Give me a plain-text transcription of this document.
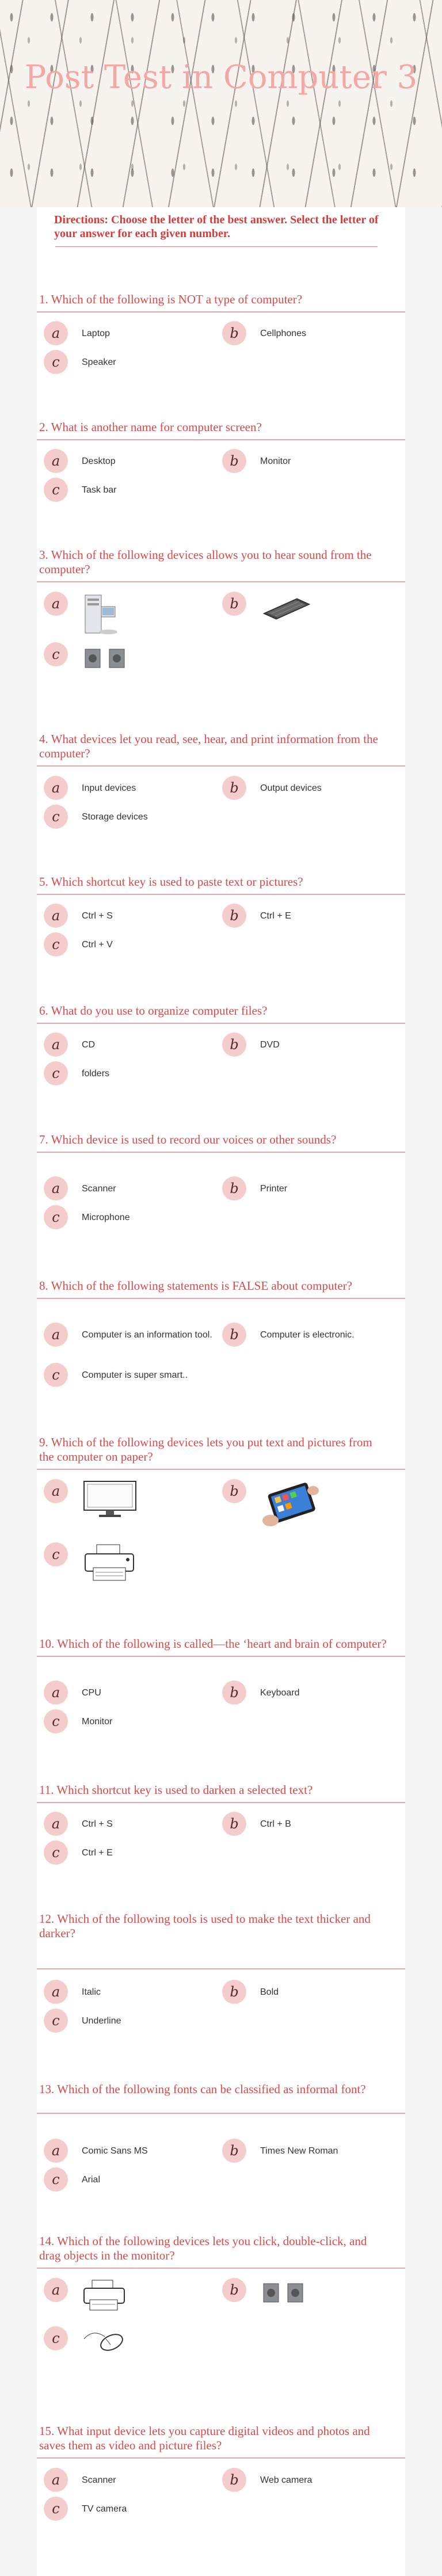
Post Test in Computer 3
Directions: Choose the letter of the best answer. Select the letter of your answer for each given number.
1. Which of the following is NOT a type of computer?
a	Laptop	b	Cellphones
c	Speaker
2. What is another name for computer screen?
a	Desktop	b	Monitor
c	Task bar
3. Which of the following devices allows you to hear sound from the computer?
a	b
c
4. What devices let you read, see, hear, and print information from the computer?
a	Input devices	b	Output devices
c	Storage devices
5. Which shortcut key is used to paste text or pictures?
a	Ctrl + S	b	Ctrl + E
c	Ctrl + V
6. What do you use to organize computer files?
a	CD	b	DVD
c	folders
7. Which device is used to record our voices or other sounds?
a	Scanner	b	Printer
c	Microphone
8. Which of the following statements is FALSE about computer?
a	Computer is an information tool.	b	Computer is electronic.
c	Computer is super smart..
9. Which of the following devices lets you put text and pictures from the computer on paper?
a	b
c
10. Which of the following is called—the ‘heart and brain of computer?
a	CPU	b	Keyboard
c	Monitor
11. Which shortcut key is used to darken a selected text?
a	Ctrl + S	b	Ctrl + B
c	Ctrl + E
12. Which of the following tools is used to make the text thicker and darker?
a	Italic	b	Bold
c	Underline
13. Which of the following fonts can be classified as informal font?
a	Comic Sans MS	b	Times New Roman
c	Arial
14. Which of the following devices lets you click, double-click, and drag objects in the monitor?
a	b
c
15. What input device lets you capture digital videos and photos and saves them as video and picture files?
a	Scanner	b	Web camera
c	TV camera
